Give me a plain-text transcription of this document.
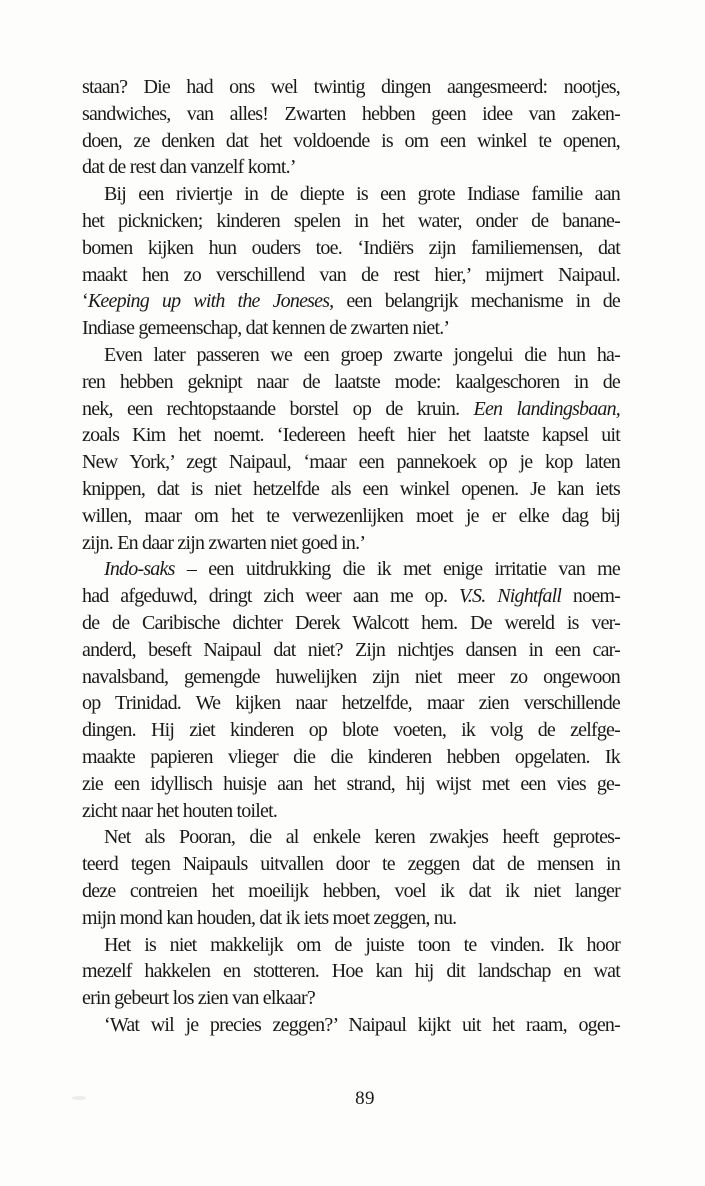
staan? Die had ons wel twintig dingen aangesmeerd: nootjes,
sandwiches, van alles! Zwarten hebben geen idee van zaken-
doen, ze denken dat het voldoende is om een winkel te openen,
dat de rest dan vanzelf komt.’
Bij een riviertje in de diepte is een grote Indiase familie aan
het picknicken; kinderen spelen in het water, onder de banane-
bomen kijken hun ouders toe. ‘Indiërs zijn familiemensen, dat
maakt hen zo verschillend van de rest hier,’ mijmert Naipaul.
‘Keeping up with the Joneses, een belangrijk mechanisme in de
Indiase gemeenschap, dat kennen de zwarten niet.’
Even later passeren we een groep zwarte jongelui die hun ha-
ren hebben geknipt naar de laatste mode: kaalgeschoren in de
nek, een rechtopstaande borstel op de kruin. Een landingsbaan,
zoals Kim het noemt. ‘Iedereen heeft hier het laatste kapsel uit
New York,’ zegt Naipaul, ‘maar een pannekoek op je kop laten
knippen, dat is niet hetzelfde als een winkel openen. Je kan iets
willen, maar om het te verwezenlijken moet je er elke dag bij
zijn. En daar zijn zwarten niet goed in.’
Indo-saks – een uitdrukking die ik met enige irritatie van me
had afgeduwd, dringt zich weer aan me op. V.S. Nightfall noem-
de de Caribische dichter Derek Walcott hem. De wereld is ver-
anderd, beseft Naipaul dat niet? Zijn nichtjes dansen in een car-
navalsband, gemengde huwelijken zijn niet meer zo ongewoon
op Trinidad. We kijken naar hetzelfde, maar zien verschillende
dingen. Hij ziet kinderen op blote voeten, ik volg de zelfge-
maakte papieren vlieger die die kinderen hebben opgelaten. Ik
zie een idyllisch huisje aan het strand, hij wijst met een vies ge-
zicht naar het houten toilet.
Net als Pooran, die al enkele keren zwakjes heeft geprotes-
teerd tegen Naipauls uitvallen door te zeggen dat de mensen in
deze contreien het moeilijk hebben, voel ik dat ik niet langer
mijn mond kan houden, dat ik iets moet zeggen, nu.
Het is niet makkelijk om de juiste toon te vinden. Ik hoor
mezelf hakkelen en stotteren. Hoe kan hij dit landschap en wat
erin gebeurt los zien van elkaar?
‘Wat wil je precies zeggen?’ Naipaul kijkt uit het raam, ogen-
89
